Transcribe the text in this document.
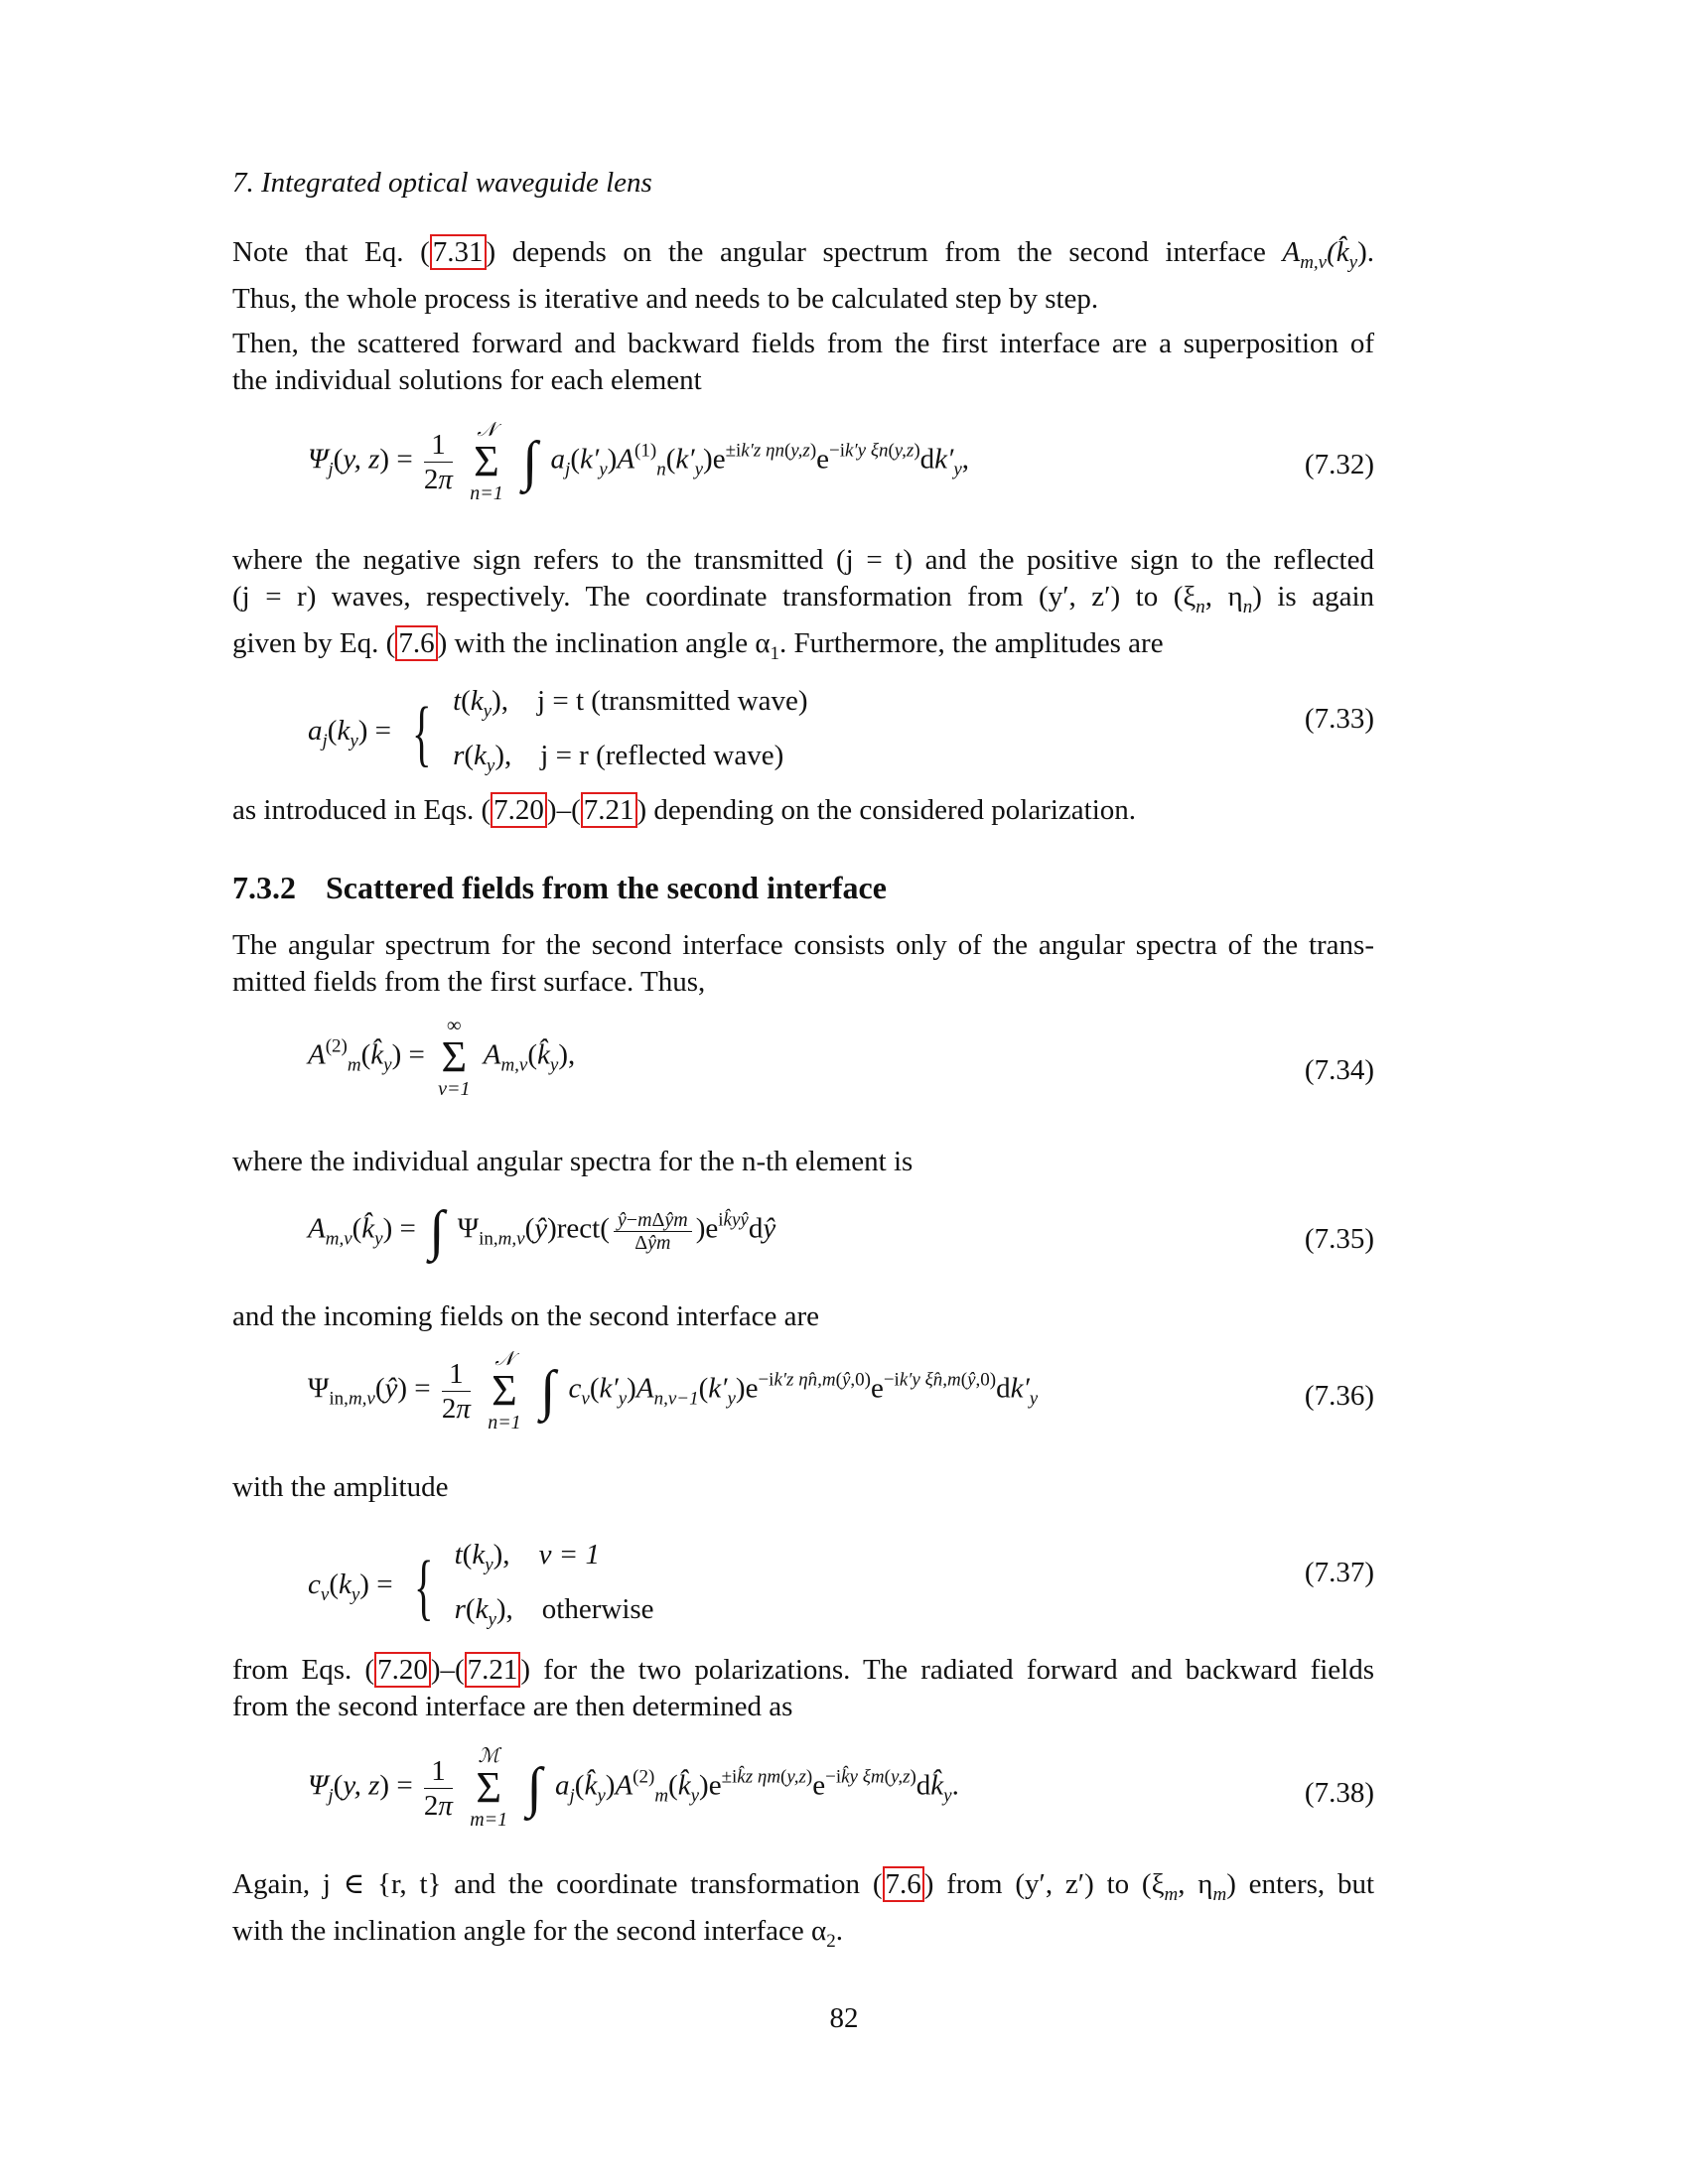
7. Integrated optical waveguide lens
Note that Eq. ( 7.31 ) depends on the angular spectrum from the second interface $A_{m,\nu}(k̂_y)$.
Thus, the whole process is iterative and needs to be calculated step by step.
Then, the scattered forward and backward fields from the first interface are a superposition of
the individual solutions for each element
$\Psi_j(y$, $z) = \frac{1}{2\pi}$
	𝒩
Σ
n=1
∫ $a_j(k'_y)A^{(1)}_n(k'_y)e^{\pm ik'z \eta n(y,z)}e^{-ik'y \xi n(y,z)}dk'_y$,	(7.32)
where the negative sign refers to the transmitted (j = t) and the positive sign to the reflected
(j = r) waves, respectively. The coordinate transformation from (y′, z′) to ($\xi_n$, $\eta_n$) is again
given by Eq. ( 7.6 ) with the inclination angle $\alpha_1$. Furthermore, the amplitudes are
$a_j(k_y)$ = { $t(k_y)$,    j = t (transmitted wave)
$r(k_y)$,    j = r (reflected wave)
(7.33)
as introduced in Eqs. ( 7.20 )–( 7.21 ) depending on the considered polarization.
7.3.2 Scattered fields from the second interface
The angular spectrum for the second interface consists only of the angular spectra of the trans-
mitted fields from the first surface. Thus,
$A^{(2)}_m(k̂_y)$ =
∞
Σ
ν=1
$A_{m,\nu}(k̂_y)$,	(7.34)
where the individual angular spectra for the n-th element is
$A_{m,\nu}(k̂_y)$ = ∫ $\Psi_{in,m,\nu}(ŷ)rect( \frac{\text{ŷ−mΔŷm}}{\text{Δŷm}}$ )$e^{ik̂yŷ}dŷ$	(7.35)
and the incoming fields on the second interface are
$\Psi_{in,m,\nu}(ŷ) = \frac{1}{2\pi}$
	𝒩
Σ
n=1
∫ $c_\nu(k'_y)A_{n,\nu-1}(k'_y)e^{-ik'z \etân,m(ŷ,0)}e^{-ik'y \xîn,m(ŷ,0)}dk'_y$	(7.36)
with the amplitude
$c_\nu(k_y)$ = { $t(k_y)$,    ν = 1
$r(k_y)$,    otherwise
(7.37)
from Eqs. ( 7.20 )–( 7.21 ) for the two polarizations. The radiated forward and backward fields
from the second interface are then determined as
$\Psi_j(y$, $z) = \frac{1}{2\pi}$
	ℳ
Σ
m=1
∫ $a_j(k̂_y)A^{(2)}_m(k̂_y)e^{\pm ik̂z \eta m(y,z)}e^{-ik̂y \xi m(y,z)}dk̂_y$.	(7.38)
Again, j ∈ {r, t} and the coordinate transformation ( 7.6 ) from (y′, z′) to ($\xi_m$, $\eta_m$) enters, but
with the inclination angle for the second interface $\alpha_2$.
82
